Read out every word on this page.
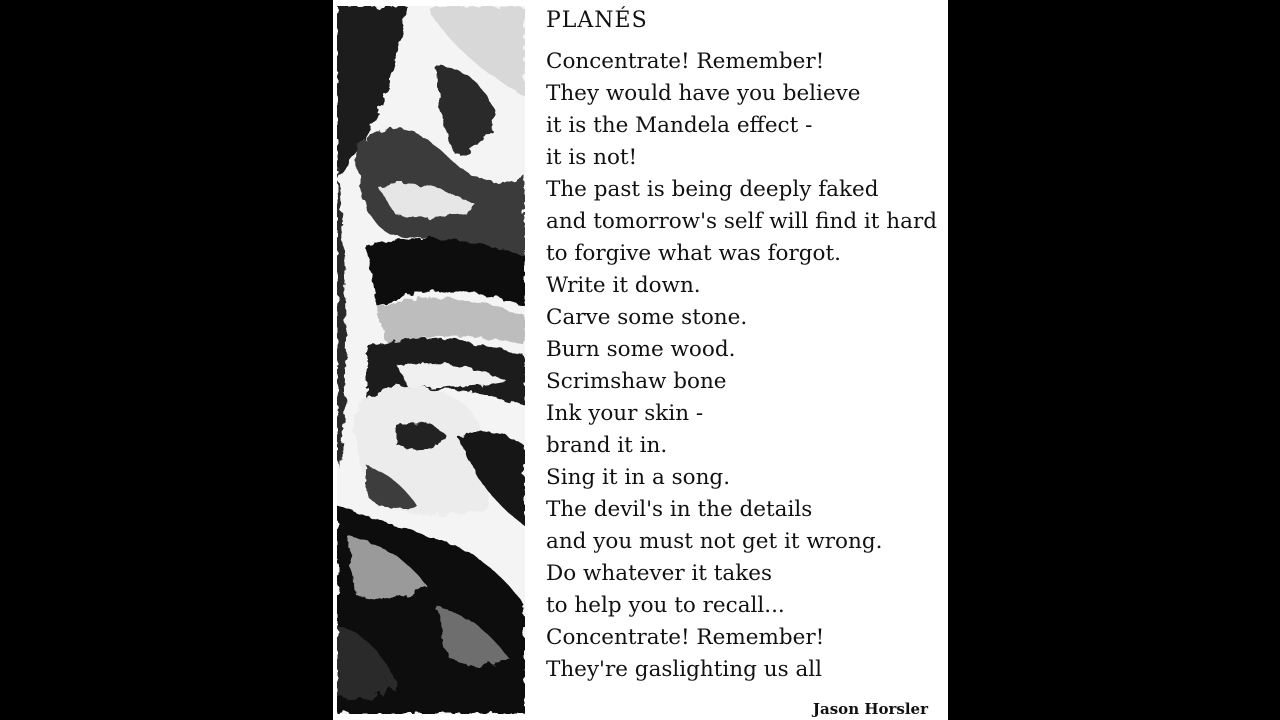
PLANÉS
Concentrate! Remember!
They would have you believe
it is the Mandela effect -
it is not!
The past is being deeply faked
and tomorrow's self will find it hard
to forgive what was forgot.
Write it down.
Carve some stone.
Burn some wood.
Scrimshaw bone
Ink your skin -
brand it in.
Sing it in a song.
The devil's in the details
and you must not get it wrong.
Do whatever it takes
to help you to recall...
Concentrate! Remember!
They're gaslighting us all
Jason Horsler
